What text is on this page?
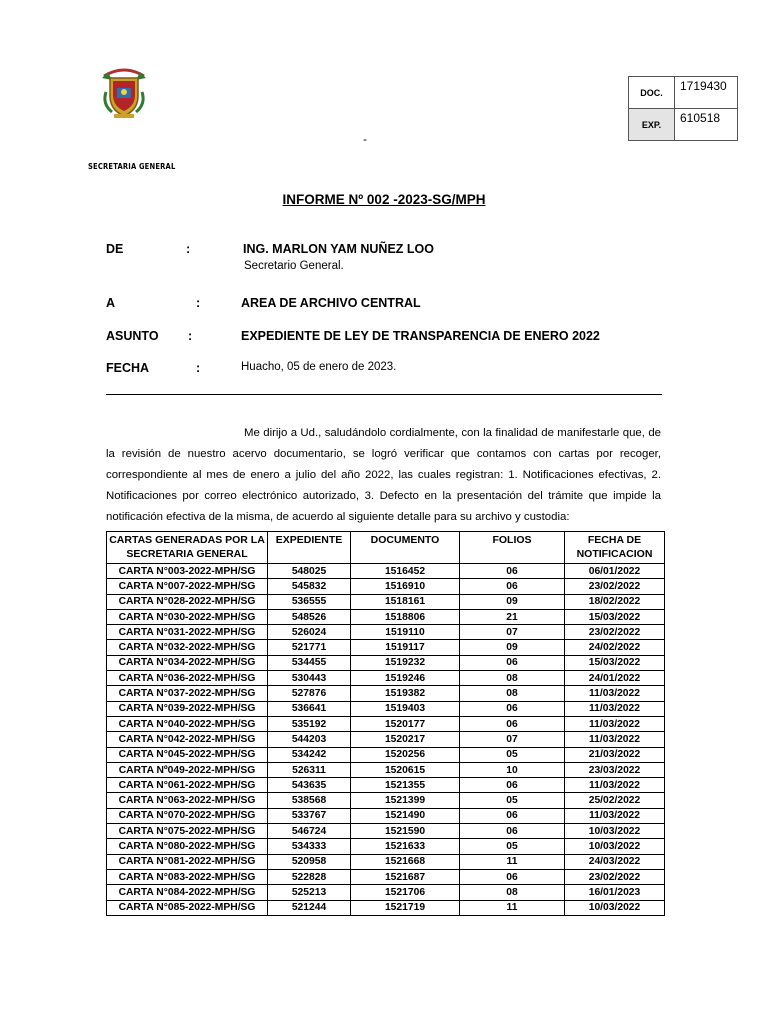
SECRETARIA GENERAL
DOC.	1719430
EXP.	610518
-
INFORME Nº 002 -2023-SG/MPH
DE	:	ING. MARLON YAM NUÑEZ LOO
Secretario General.
A	:	AREA DE ARCHIVO CENTRAL
ASUNTO :	EXPEDIENTE DE LEY DE TRANSPARENCIA DE ENERO 2022
FECHA	:	Huacho, 05 de enero de 2023.
Me dirijo a Ud., saludándolo cordialmente, con la finalidad de manifestarle que, de la revisión de nuestro acervo documentario, se logró verificar que contamos con cartas por recoger, correspondiente al mes de enero a julio del año 2022, las cuales registran: 1. Notificaciones efectivas, 2. Notificaciones por correo electrónico autorizado, 3. Defecto en la presentación del trámite que impide la notificación efectiva de la misma, de acuerdo al siguiente detalle para su archivo y custodia:
CARTAS GENERADAS POR LA SECRETARIA GENERAL	EXPEDIENTE	DOCUMENTO	FOLIOS	FECHA DE NOTIFICACION
CARTA N°003-2022-MPH/SG	548025	1516452	06	06/01/2022
CARTA N°007-2022-MPH/SG	545832	1516910	06	23/02/2022
CARTA N°028-2022-MPH/SG	536555	1518161	09	18/02/2022
CARTA N°030-2022-MPH/SG	548526	1518806	21	15/03/2022
CARTA N°031-2022-MPH/SG	526024	1519110	07	23/02/2022
CARTA N°032-2022-MPH/SG	521771	1519117	09	24/02/2022
CARTA N°034-2022-MPH/SG	534455	1519232	06	15/03/2022
CARTA N°036-2022-MPH/SG	530443	1519246	08	24/01/2022
CARTA N°037-2022-MPH/SG	527876	1519382	08	11/03/2022
CARTA N°039-2022-MPH/SG	536641	1519403	06	11/03/2022
CARTA N°040-2022-MPH/SG	535192	1520177	06	11/03/2022
CARTA N°042-2022-MPH/SG	544203	1520217	07	11/03/2022
CARTA N°045-2022-MPH/SG	534242	1520256	05	21/03/2022
CARTA Nº049-2022-MPH/SG	526311	1520615	10	23/03/2022
CARTA N°061-2022-MPH/SG	543635	1521355	06	11/03/2022
CARTA N°063-2022-MPH/SG	538568	1521399	05	25/02/2022
CARTA N°070-2022-MPH/SG	533767	1521490	06	11/03/2022
CARTA N°075-2022-MPH/SG	546724	1521590	06	10/03/2022
CARTA N°080-2022-MPH/SG	534333	1521633	05	10/03/2022
CARTA N°081-2022-MPH/SG	520958	1521668	11	24/03/2022
CARTA N°083-2022-MPH/SG	522828	1521687	06	23/02/2022
CARTA N°084-2022-MPH/SG	525213	1521706	08	16/01/2023
CARTA N°085-2022-MPH/SG	521244	1521719	11	10/03/2022
